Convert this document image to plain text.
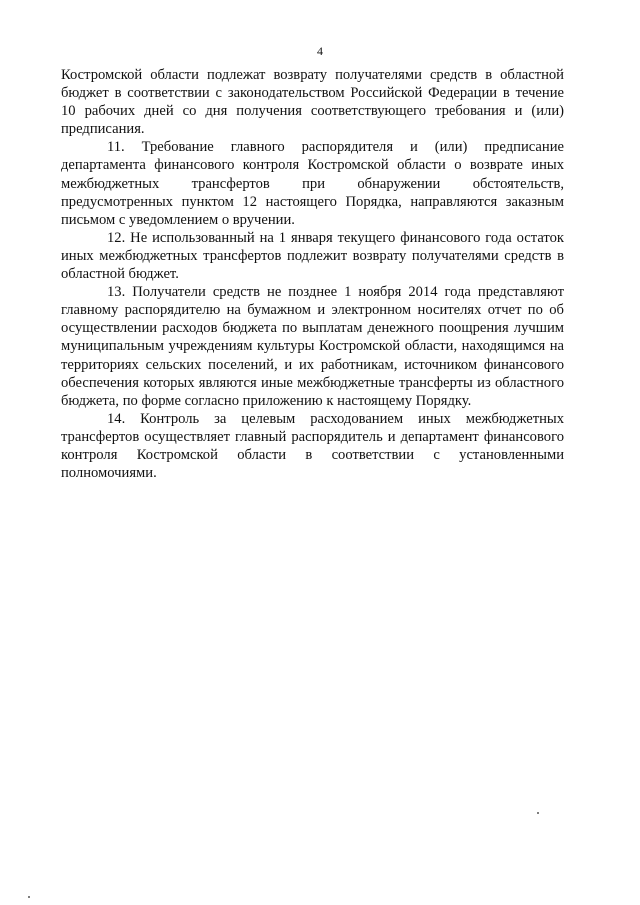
4

Костромской области подлежат возврату получателями средств в областной бюджет в соответствии с законодательством Российской Федерации в течение 10 рабочих дней со дня получения соответствующего требования и (или) предписания.

11. Требование главного распорядителя и (или) предписание департамента финансового контроля Костромской области о возврате иных межбюджетных трансфертов при обнаружении обстоятельств, предусмотренных пунктом 12 настоящего Порядка, направляются заказным письмом с уведомлением о вручении.

12. Не использованный на 1 января текущего финансового года остаток иных межбюджетных трансфертов подлежит возврату получателями средств в областной бюджет.

13. Получатели средств не позднее 1 ноября 2014 года представляют главному распорядителю на бумажном и электронном носителях отчет по об осуществлении расходов бюджета по выплатам денежного поощрения лучшим муниципальным учреждениям культуры Костромской области, находящимся на территориях сельских поселений, и их работникам, источником финансового обеспечения которых являются иные межбюджетные трансферты из областного бюджета, по форме согласно приложению к настоящему Порядку.

14. Контроль за целевым расходованием иных межбюджетных трансфертов осуществляет главный распорядитель и департамент финансового контроля Костромской области в соответствии с установленными полномочиями.
